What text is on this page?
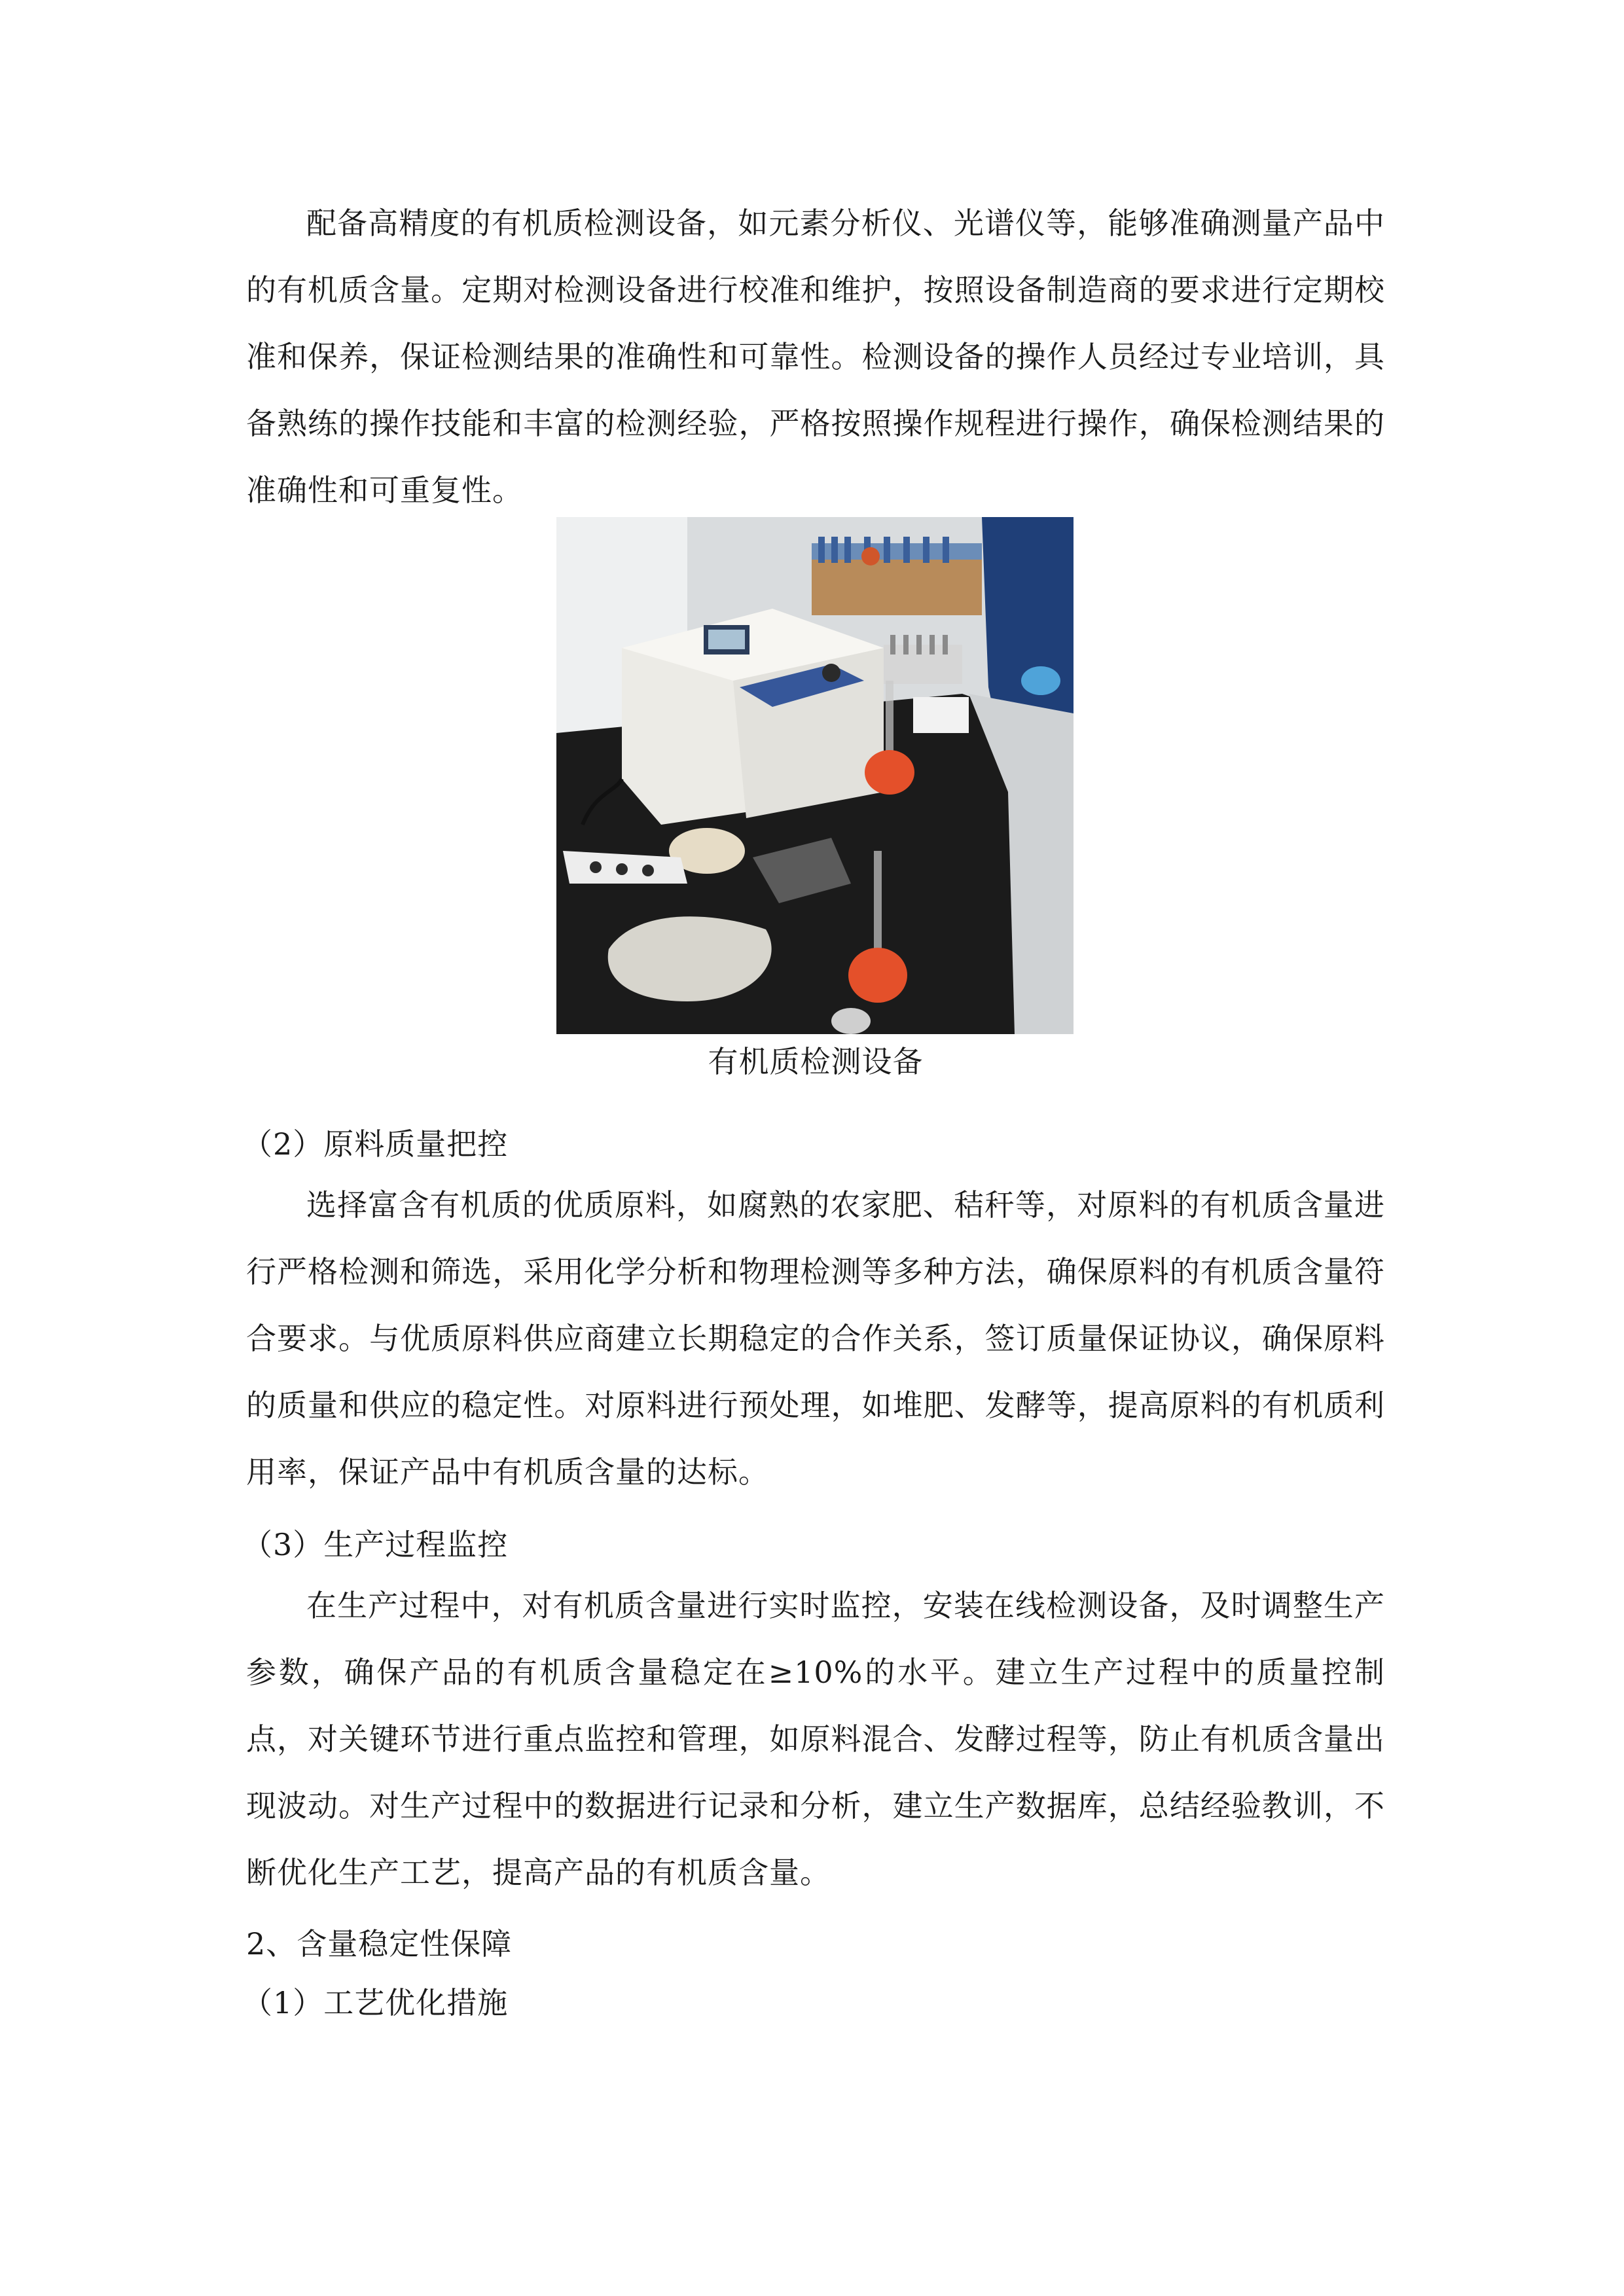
配备高精度的有机质检测设备，如元素分析仪、光谱仪等，能够准确测量产品中的有机质含量。定期对检测设备进行校准和维护，按照设备制造商的要求进行定期校准和保养，保证检测结果的准确性和可靠性。检测设备的操作人员经过专业培训，具备熟练的操作技能和丰富的检测经验，严格按照操作规程进行操作，确保检测结果的准确性和可重复性。

有机质检测设备

（2）原料质量把控

选择富含有机质的优质原料，如腐熟的农家肥、秸秆等，对原料的有机质含量进行严格检测和筛选，采用化学分析和物理检测等多种方法，确保原料的有机质含量符合要求。与优质原料供应商建立长期稳定的合作关系，签订质量保证协议，确保原料的质量和供应的稳定性。对原料进行预处理，如堆肥、发酵等，提高原料的有机质利用率，保证产品中有机质含量的达标。

（3）生产过程监控

在生产过程中，对有机质含量进行实时监控，安装在线检测设备，及时调整生产参数，确保产品的有机质含量稳定在≥10%的水平。建立生产过程中的质量控制点，对关键环节进行重点监控和管理，如原料混合、发酵过程等，防止有机质含量出现波动。对生产过程中的数据进行记录和分析，建立生产数据库，总结经验教训，不断优化生产工艺，提高产品的有机质含量。

2、含量稳定性保障

（1）工艺优化措施
